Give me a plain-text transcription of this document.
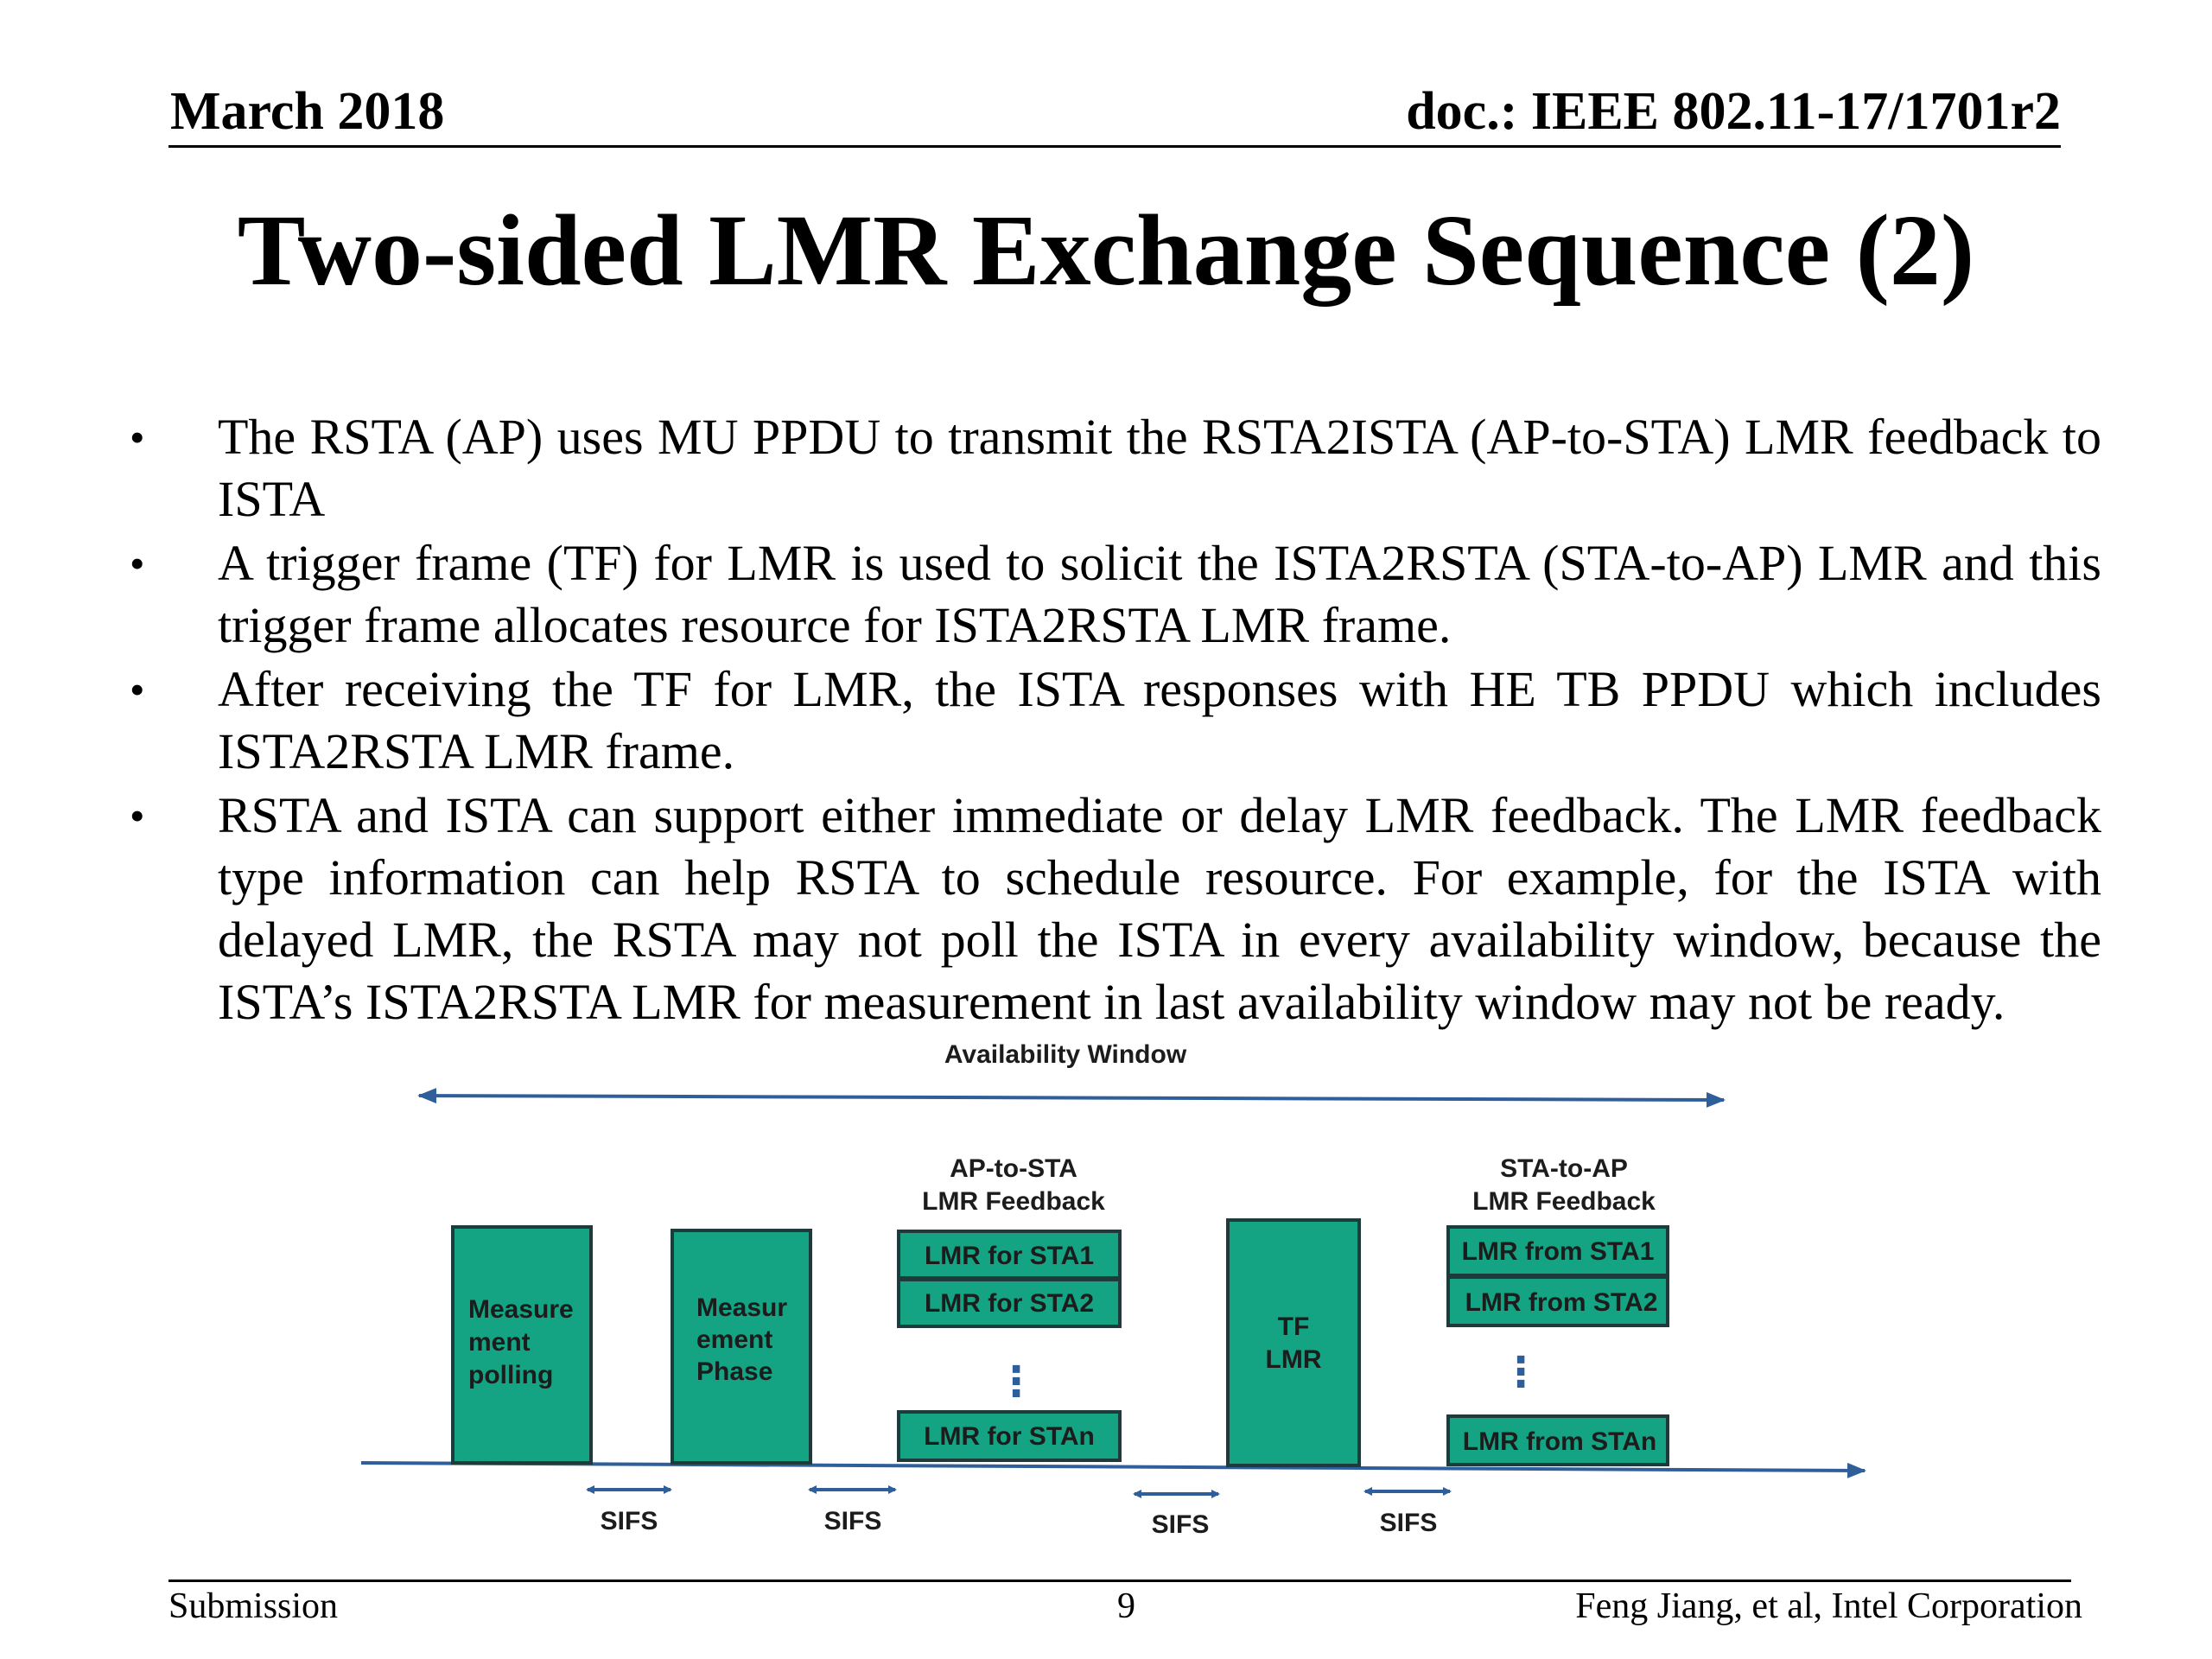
March 2018	doc.: IEEE 802.11-17/1701r2
Two-sided LMR Exchange Sequence (2)
• The RSTA (AP) uses MU PPDU to transmit the RSTA2ISTA (AP-to-STA) LMR feedback to ISTA
• A trigger frame (TF) for LMR is used to solicit the ISTA2RSTA (STA-to-AP) LMR and this trigger frame allocates resource for ISTA2RSTA LMR frame.
• After receiving the TF for LMR, the ISTA responses with HE TB PPDU which includes ISTA2RSTA LMR frame.
• RSTA and ISTA can support either immediate or delay LMR feedback. The LMR feedback type information can help RSTA to schedule resource. For example, for the ISTA with delayed LMR, the RSTA may not poll the ISTA in every availability window, because the ISTA’s ISTA2RSTA LMR for measurement in last availability window may not be ready.
Availability Window
Measure
ment
polling
Measur
ement
Phase
AP-to-STA
LMR Feedback
LMR for STA1
LMR for STA2
⋮
LMR for STAn
TF
LMR
STA-to-AP
LMR Feedback
LMR from STA1
LMR from STA2
⋮
LMR from STAn
SIFS	SIFS	SIFS	SIFS
Submission	9	Feng Jiang, et al, Intel Corporation
